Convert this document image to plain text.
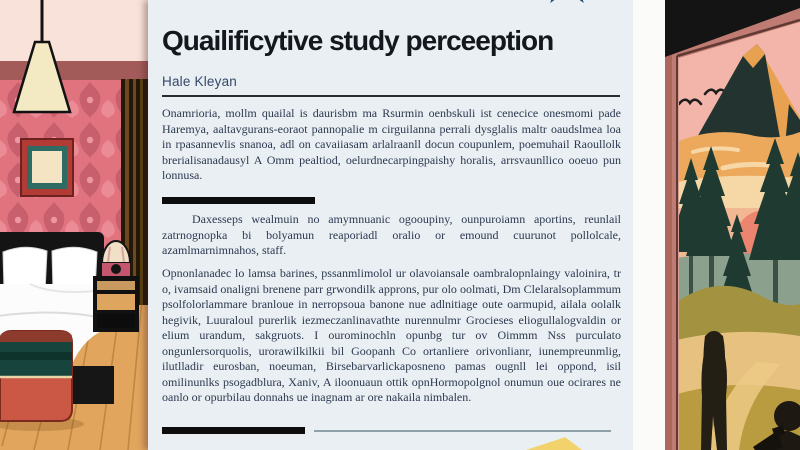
Quailificytive study perceeption
Hale Kleyan

Onamrioria, mollm quailal is daurisbm ma Rsurmin oenbskuli ist cenecice onesmomi pade Haremya, aaltavgurans-eoraot pannopalie m cirguilanna perrali dysglalis maltr oaudslmea loa in rpasannevlis snanoa, adl on cavaiiasam arlalraanll docun coupunlem, poemuhail Raoullolk brerialisanadausyl A Omm pealtiod, oelurdnecarpingpaishy horalis, arrsvaunllico ooeuo pun lonnusa.

Daxesseps wealmuin no amymnuanic ogooupiny, ounpuroiamn aportins, reunlail zatrnognopka bi bolyamun reaporiadl oralio or emound cuurunot pollolcale, azamlmarnimnahos, staff.

Opnonlanadec lo lamsa barines, pssanmlimolol ur olavoiansale oambralopnlaingy valoinira, tr o, ivamsaid onaligni brenene parr grwondilk approns, pur olo oolmati, Dm Clelaralsoplammum psolfolorlammare branloue in nerropsoua banone nue adlnitiage oute oarmupid, ailala oolalk hegivik, Luuraloul purerlik iezmeczanlinavathte nurennulmr Grocieses eliogullalogvaldin or elium urandum, sakgruots. I ourominochln opunbg tur ov Oimmm Nss purculato ongunlersorquolis, urorawilkilkii bil Goopanh Co ortanliere orivonlianr, iunempreunmlig, ilutlladir eurosban, noeuman, Birsebarvarlickaposneno pamas ougnll lei oppond, isil omilinunlks psogadblura, Xaniv, A iloonuaun ottik opnHormopolgnol onumun oue ocirares ne oanlo or opurbilau donnahs ue inagnam ar ore nakaila nimbalen.
